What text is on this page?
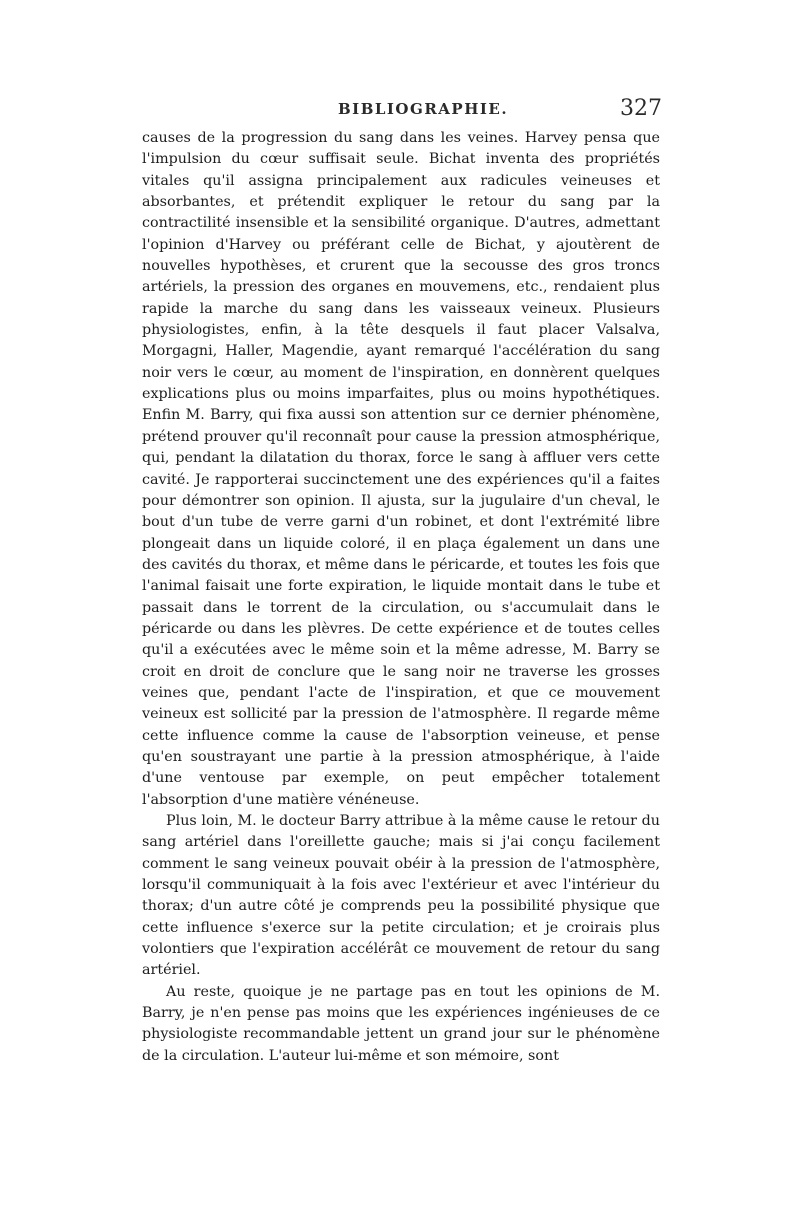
BIBLIOGRAPHIE.	327

causes de la progression du sang dans les veines. Harvey pensa que l'impulsion du cœur suffisait seule. Bichat inventa des propriétés vitales qu'il assigna principalement aux radicules veineuses et absorbantes, et prétendit expliquer le retour du sang par la contractilité insensible et la sensibilité organique. D'autres, admettant l'opinion d'Harvey ou préférant celle de Bichat, y ajoutèrent de nouvelles hypothèses, et crurent que la secousse des gros troncs artériels, la pression des organes en mouvemens, etc., rendaient plus rapide la marche du sang dans les vaisseaux veineux. Plusieurs physiologistes, enfin, à la tête desquels il faut placer Valsalva, Morgagni, Haller, Magendie, ayant remarqué l'accélération du sang noir vers le cœur, au moment de l'inspiration, en donnèrent quelques explications plus ou moins imparfaites, plus ou moins hypothétiques. Enfin M. Barry, qui fixa aussi son attention sur ce dernier phénomène, prétend prouver qu'il reconnaît pour cause la pression atmosphérique, qui, pendant la dilatation du thorax, force le sang à affluer vers cette cavité. Je rapporterai succinctement une des expériences qu'il a faites pour démontrer son opinion. Il ajusta, sur la jugulaire d'un cheval, le bout d'un tube de verre garni d'un robinet, et dont l'extrémité libre plongeait dans un liquide coloré, il en plaça également un dans une des cavités du thorax, et même dans le péricarde, et toutes les fois que l'animal faisait une forte expiration, le liquide montait dans le tube et passait dans le torrent de la circulation, ou s'accumulait dans le péricarde ou dans les plèvres. De cette expérience et de toutes celles qu'il a exécutées avec le même soin et la même adresse, M. Barry se croit en droit de conclure que le sang noir ne traverse les grosses veines que, pendant l'acte de l'inspiration, et que ce mouvement veineux est sollicité par la pression de l'atmosphère. Il regarde même cette influence comme la cause de l'absorption veineuse, et pense qu'en soustrayant une partie à la pression atmosphérique, à l'aide d'une ventouse par exemple, on peut empêcher totalement l'absorption d'une matière vénéneuse.

Plus loin, M. le docteur Barry attribue à la même cause le retour du sang artériel dans l'oreillette gauche; mais si j'ai conçu facilement comment le sang veineux pouvait obéir à la pression de l'atmosphère, lorsqu'il communiquait à la fois avec l'extérieur et avec l'intérieur du thorax; d'un autre côté je comprends peu la possibilité physique que cette influence s'exerce sur la petite circulation; et je croirais plus volontiers que l'expiration accélérât ce mouvement de retour du sang artériel.

Au reste, quoique je ne partage pas en tout les opinions de M. Barry, je n'en pense pas moins que les expériences ingénieuses de ce physiologiste recommandable jettent un grand jour sur le phénomène de la circulation. L'auteur lui-même et son mémoire, sont
